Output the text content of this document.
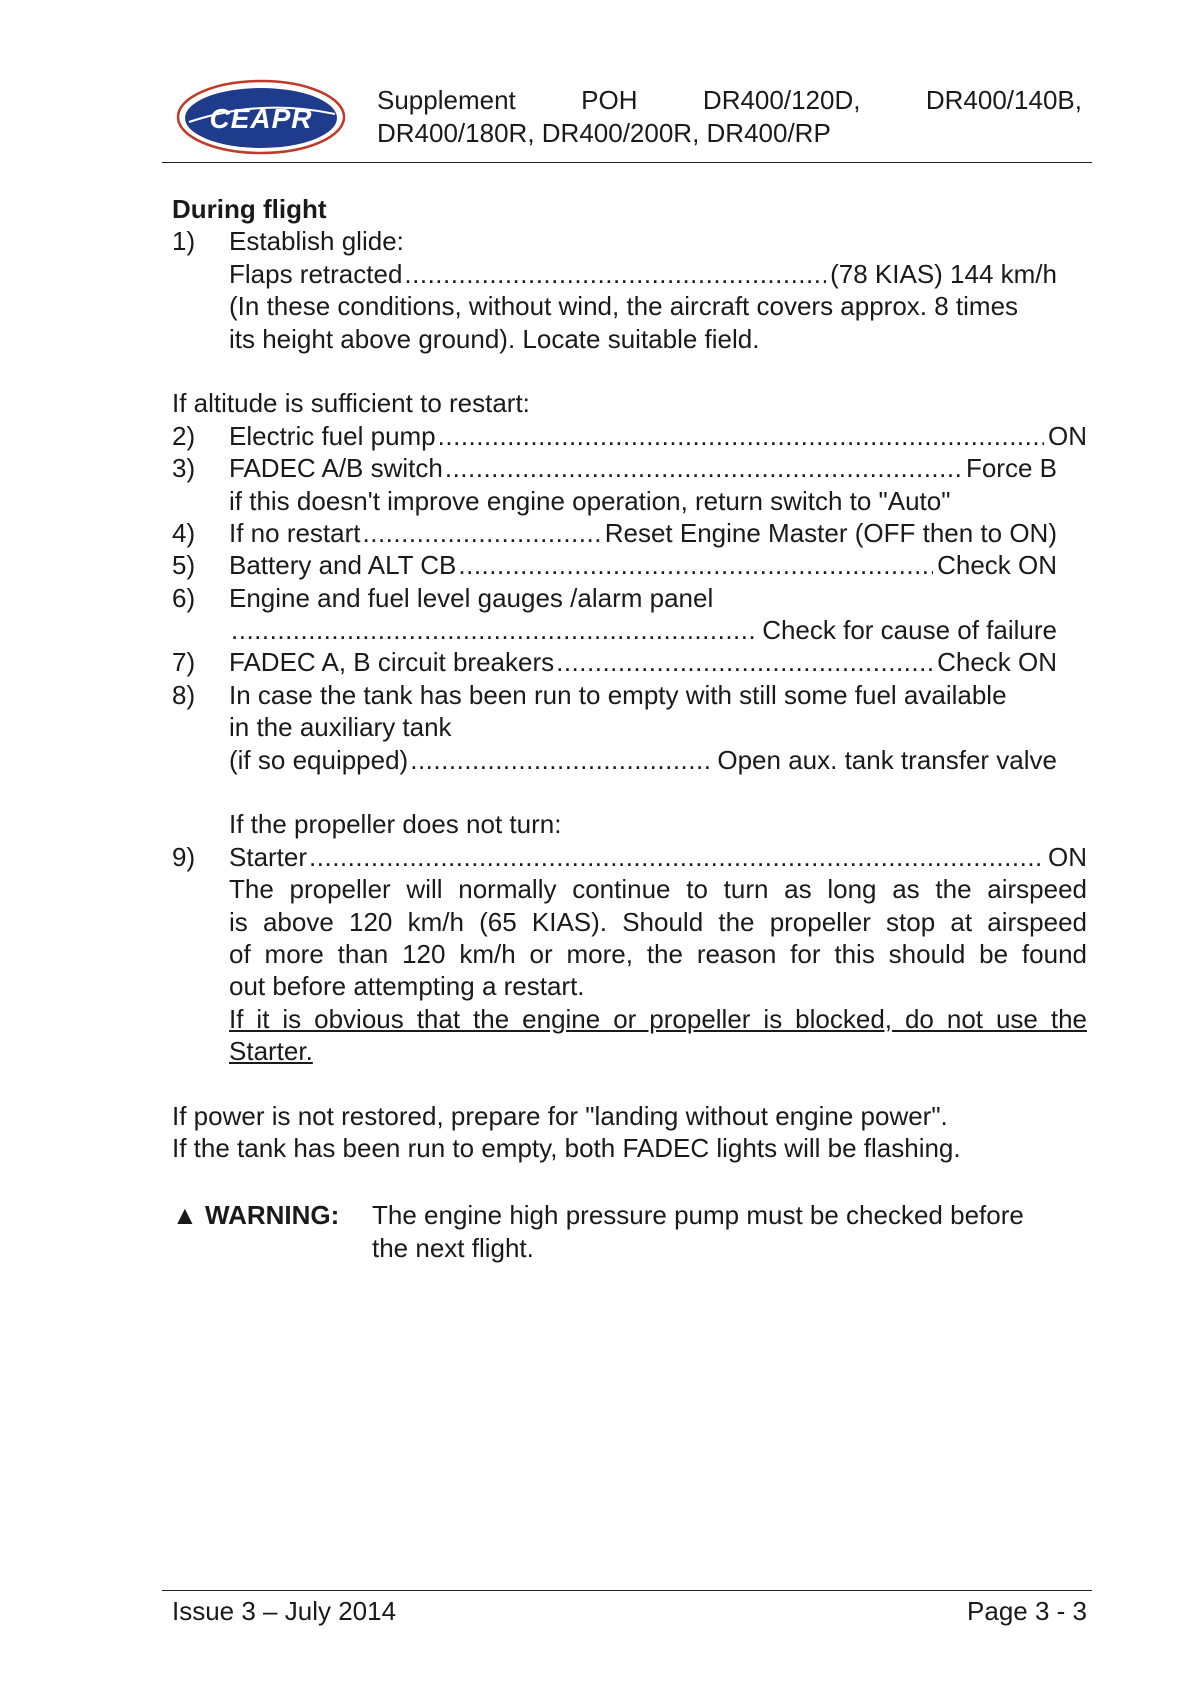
CEAPR
Supplement	POH	DR400/120D,	DR400/140B,
DR400/180R, DR400/200R, DR400/RP
During flight
1) Establish glide:
Flaps retracted .....	(78 KIAS) 144 km/h
(In these conditions, without wind, the aircraft covers approx. 8 times
its height above ground). Locate suitable field.
If altitude is sufficient to restart:
2) Electric fuel pump .....	ON
3) FADEC A/B switch .....	Force B
if this doesn't improve engine operation, return switch to "Auto"
4) If no restart .....	Reset Engine Master (OFF then to ON)
5) Battery and ALT CB .....	Check ON
6) Engine and fuel level gauges /alarm panel
.....
Check for cause of failure
7) FADEC A, B circuit breakers .....	Check ON
8) In case the tank has been run to empty with still some fuel available
in the auxiliary tank
(if so equipped) .....	Open aux. tank transfer valve
If the propeller does not turn:
9) Starter .....	ON
The propeller will normally continue to turn as long as the airspeed
is above 120 km/h (65 KIAS). Should the propeller stop at airspeed
of more than 120 km/h or more, the reason for this should be found
out before attempting a restart.
If it is obvious that the engine or propeller is blocked, do not use the
Starter.
If power is not restored, prepare for "landing without engine power".
If the tank has been run to empty, both FADEC lights will be flashing.
▲ WARNING: The engine high pressure pump must be checked before
the next flight.
Issue 3 – July 2014	Page 3 - 3
